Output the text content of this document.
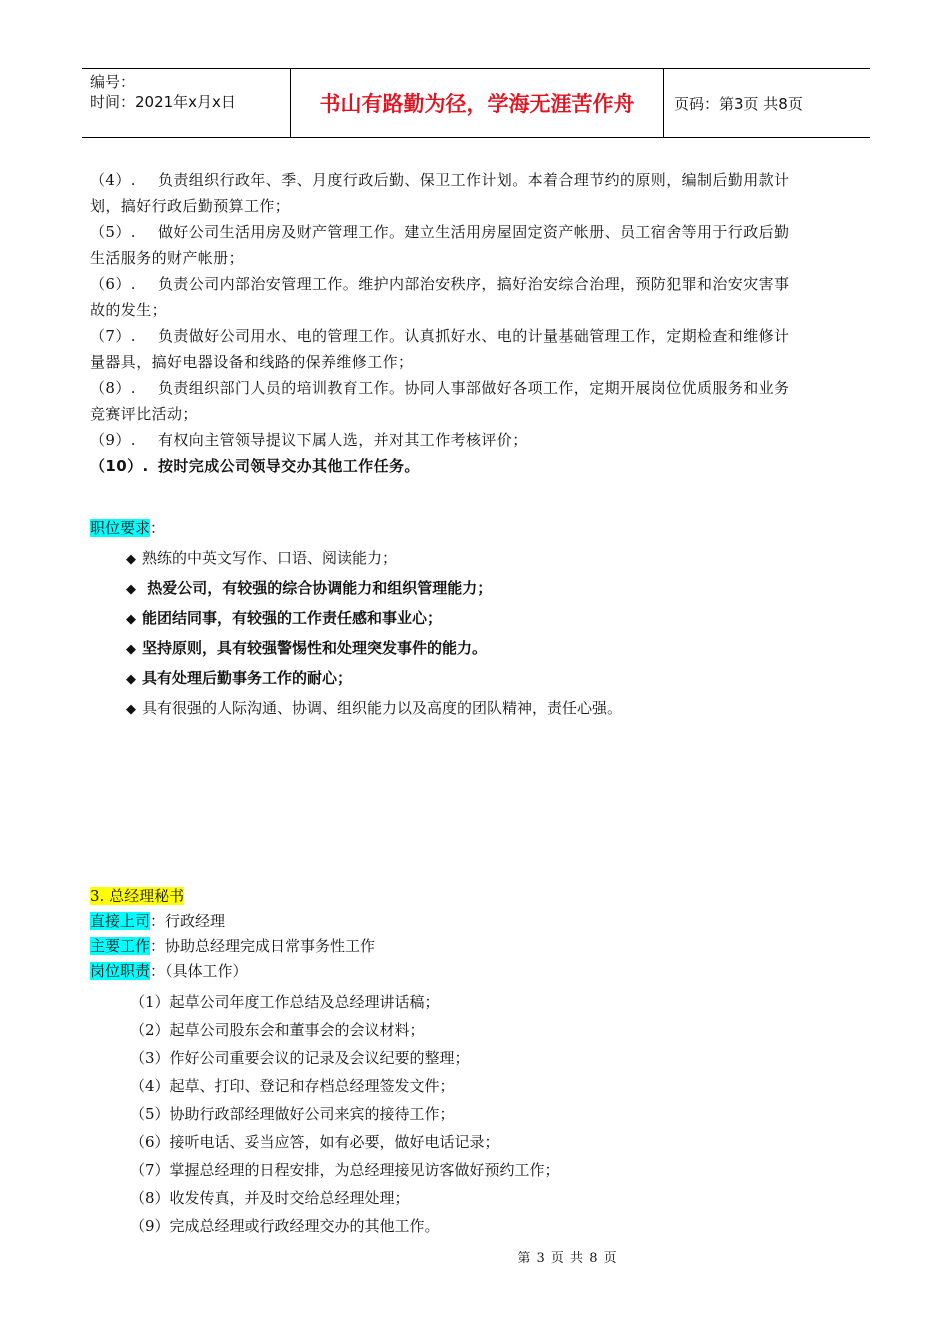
编号：
时间：2021年x月x日	书山有路勤为径，学海无涯苦作舟	页码：第3页 共8页

（4）. 负责组织行政年、季、月度行政后勤、保卫工作计划。本着合理节约的原则，编制后勤用款计

划，搞好行政后勤预算工作；

（5）. 做好公司生活用房及财产管理工作。建立生活用房屋固定资产帐册、员工宿舍等用于行政后勤

生活服务的财产帐册；

（6）. 负责公司内部治安管理工作。维护内部治安秩序，搞好治安综合治理，预防犯罪和治安灾害事

故的发生；

（7）. 负责做好公司用水、电的管理工作。认真抓好水、电的计量基础管理工作，定期检查和维修计

量器具，搞好电器设备和线路的保养维修工作；

（8）. 负责组织部门人员的培训教育工作。协同人事部做好各项工作，定期开展岗位优质服务和业务

竞赛评比活动；

（9）. 有权向主管领导提议下属人选，并对其工作考核评价；

（10）. 按时完成公司领导交办其他工作任务。

职位要求：

◆ 熟练的中英文写作、口语、阅读能力；

◆ 热爱公司，有较强的综合协调能力和组织管理能力；

◆ 能团结同事，有较强的工作责任感和事业心；

◆ 坚持原则，具有较强警惕性和处理突发事件的能力。

◆ 具有处理后勤事务工作的耐心；

◆ 具有很强的人际沟通、协调、组织能力以及高度的团队精神，责任心强。

3. 总经理秘书

直接上司：行政经理

主要工作：协助总经理完成日常事务性工作

岗位职责：（具体工作）

（1）起草公司年度工作总结及总经理讲话稿；

（2）起草公司股东会和董事会的会议材料；

（3）作好公司重要会议的记录及会议纪要的整理；

（4）起草、打印、登记和存档总经理签发文件；

（5）协助行政部经理做好公司来宾的接待工作；

（6）接听电话、妥当应答，如有必要，做好电话记录；

（7）掌握总经理的日程安排，为总经理接见访客做好预约工作；

（8）收发传真，并及时交给总经理处理；

（9）完成总经理或行政经理交办的其他工作。

第 3 页 共 8 页
